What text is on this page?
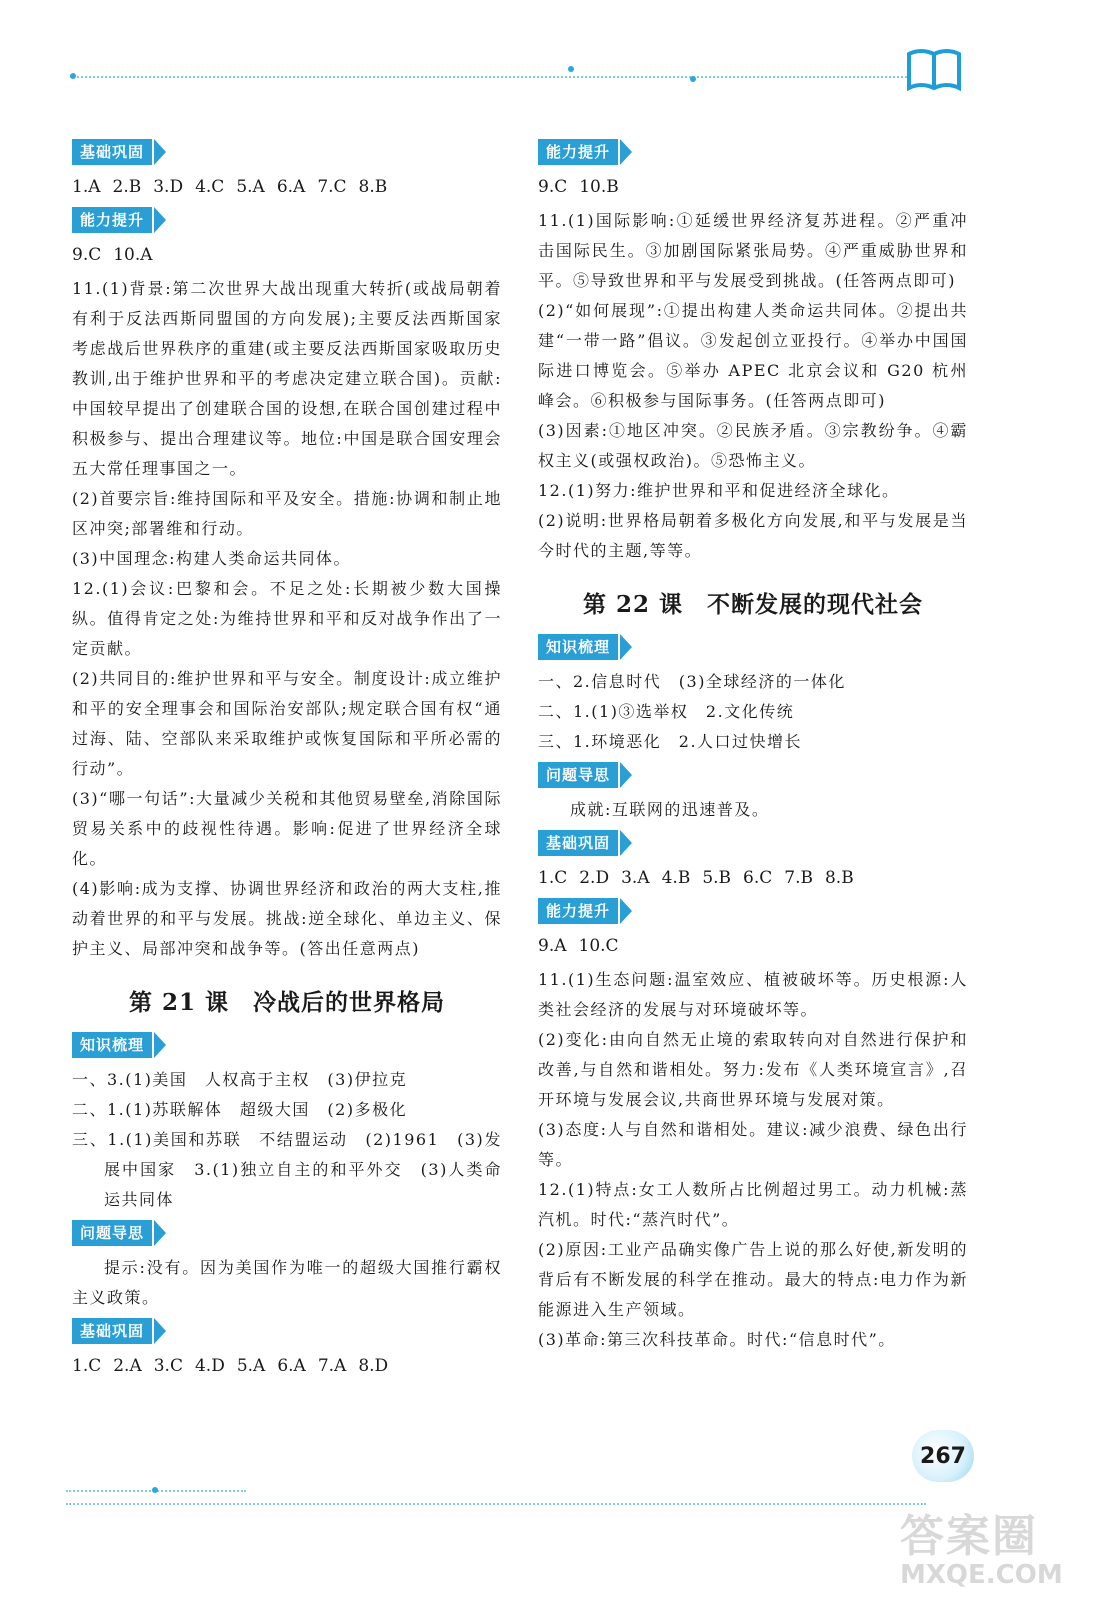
基础巩固
1.A 2.B 3.D 4.C 5.A 6.A 7.C 8.B
能力提升
9.C 10.A

11.(1)背景:第二次世界大战出现重大转折(或战局朝着有利于反法西斯同盟国的方向发展);主要反法西斯国家考虑战后世界秩序的重建(或主要反法西斯国家吸取历史教训,出于维护世界和平的考虑决定建立联合国)。贡献:中国较早提出了创建联合国的设想,在联合国创建过程中积极参与、提出合理建议等。地位:中国是联合国安理会五大常任理事国之一。

(2)首要宗旨:维持国际和平及安全。措施:协调和制止地区冲突;部署维和行动。

(3)中国理念:构建人类命运共同体。

12.(1)会议:巴黎和会。不足之处:长期被少数大国操纵。值得肯定之处:为维持世界和平和反对战争作出了一定贡献。

(2)共同目的:维护世界和平与安全。制度设计:成立维护和平的安全理事会和国际治安部队;规定联合国有权“通过海、陆、空部队来采取维护或恢复国际和平所必需的行动”。

(3)“哪一句话”:大量减少关税和其他贸易壁垒,消除国际贸易关系中的歧视性待遇。影响:促进了世界经济全球化。

(4)影响:成为支撑、协调世界经济和政治的两大支柱,推动着世界的和平与发展。挑战:逆全球化、单边主义、保护主义、局部冲突和战争等。(答出任意两点)

第 21 课　冷战后的世界格局
知识梳理

一、3.(1)美国　人权高于主权　(3)伊拉克

二、1.(1)苏联解体　超级大国　(2)多极化

三、1.(1)美国和苏联　不结盟运动　(2)1961　(3)发展中国家　3.(1)独立自主的和平外交　(3)人类命运共同体

问题导思

提示:没有。因为美国作为唯一的超级大国推行霸权主义政策。

基础巩固
1.C 2.A 3.C 4.D 5.A 6.A 7.A 8.D
能力提升
9.C 10.B

11.(1)国际影响:①延缓世界经济复苏进程。②严重冲击国际民生。③加剧国际紧张局势。④严重威胁世界和平。⑤导致世界和平与发展受到挑战。(任答两点即可)

(2)“如何展现”:①提出构建人类命运共同体。②提出共建“一带一路”倡议。③发起创立亚投行。④举办中国国际进口博览会。⑤举办 APEC 北京会议和 G20 杭州峰会。⑥积极参与国际事务。(任答两点即可)

(3)因素:①地区冲突。②民族矛盾。③宗教纷争。④霸权主义(或强权政治)。⑤恐怖主义。

12.(1)努力:维护世界和平和促进经济全球化。

(2)说明:世界格局朝着多极化方向发展,和平与发展是当今时代的主题,等等。

第 22 课　不断发展的现代社会
知识梳理

一、2.信息时代　(3)全球经济的一体化

二、1.(1)③选举权　2.文化传统

三、1.环境恶化　2.人口过快增长

问题导思

成就:互联网的迅速普及。

基础巩固
1.C 2.D 3.A 4.B 5.B 6.C 7.B 8.B
能力提升
9.A 10.C

11.(1)生态问题:温室效应、植被破坏等。历史根源:人类社会经济的发展与对环境破坏等。

(2)变化:由向自然无止境的索取转向对自然进行保护和改善,与自然和谐相处。努力:发布《人类环境宣言》,召开环境与发展会议,共商世界环境与发展对策。

(3)态度:人与自然和谐相处。建议:减少浪费、绿色出行等。

12.(1)特点:女工人数所占比例超过男工。动力机械:蒸汽机。时代:“蒸汽时代”。

(2)原因:工业产品确实像广告上说的那么好使,新发明的背后有不断发展的科学在推动。最大的特点:电力作为新能源进入生产领域。

(3)革命:第三次科技革命。时代:“信息时代”。

267
答案圈
MXQE.COM
